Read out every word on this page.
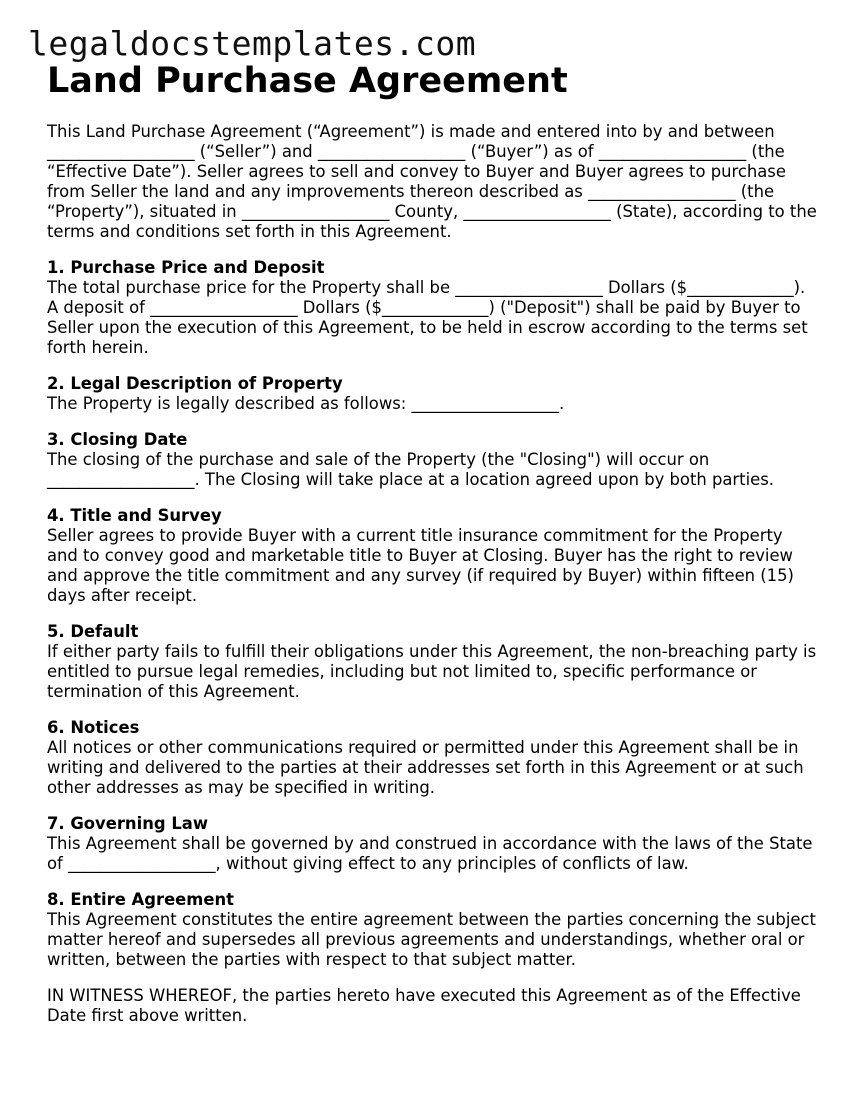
legaldocstemplates.com
Land Purchase Agreement

This Land Purchase Agreement (“Agreement”) is made and entered into by and between __________________ (“Seller”) and __________________ (“Buyer”) as of __________________ (the “Effective Date”). Seller agrees to sell and convey to Buyer and Buyer agrees to purchase from Seller the land and any improvements thereon described as __________________ (the “Property”), situated in __________________ County, __________________ (State), according to the terms and conditions set forth in this Agreement.

1. Purchase Price and Deposit
The total purchase price for the Property shall be __________________ Dollars ($_____________). A deposit of __________________ Dollars ($_____________) ("Deposit") shall be paid by Buyer to Seller upon the execution of this Agreement, to be held in escrow according to the terms set forth herein.
2. Legal Description of Property
The Property is legally described as follows: __________________.
3. Closing Date
The closing of the purchase and sale of the Property (the "Closing") will occur on __________________. The Closing will take place at a location agreed upon by both parties.
4. Title and Survey
Seller agrees to provide Buyer with a current title insurance commitment for the Property and to convey good and marketable title to Buyer at Closing. Buyer has the right to review and approve the title commitment and any survey (if required by Buyer) within fifteen (15) days after receipt.
5. Default
If either party fails to fulfill their obligations under this Agreement, the non-breaching party is entitled to pursue legal remedies, including but not limited to, specific performance or termination of this Agreement.
6. Notices
All notices or other communications required or permitted under this Agreement shall be in writing and delivered to the parties at their addresses set forth in this Agreement or at such other addresses as may be specified in writing.
7. Governing Law
This Agreement shall be governed by and construed in accordance with the laws of the State of __________________, without giving effect to any principles of conflicts of law.
8. Entire Agreement
This Agreement constitutes the entire agreement between the parties concerning the subject matter hereof and supersedes all previous agreements and understandings, whether oral or written, between the parties with respect to that subject matter.

IN WITNESS WHEREOF, the parties hereto have executed this Agreement as of the Effective Date first above written.
